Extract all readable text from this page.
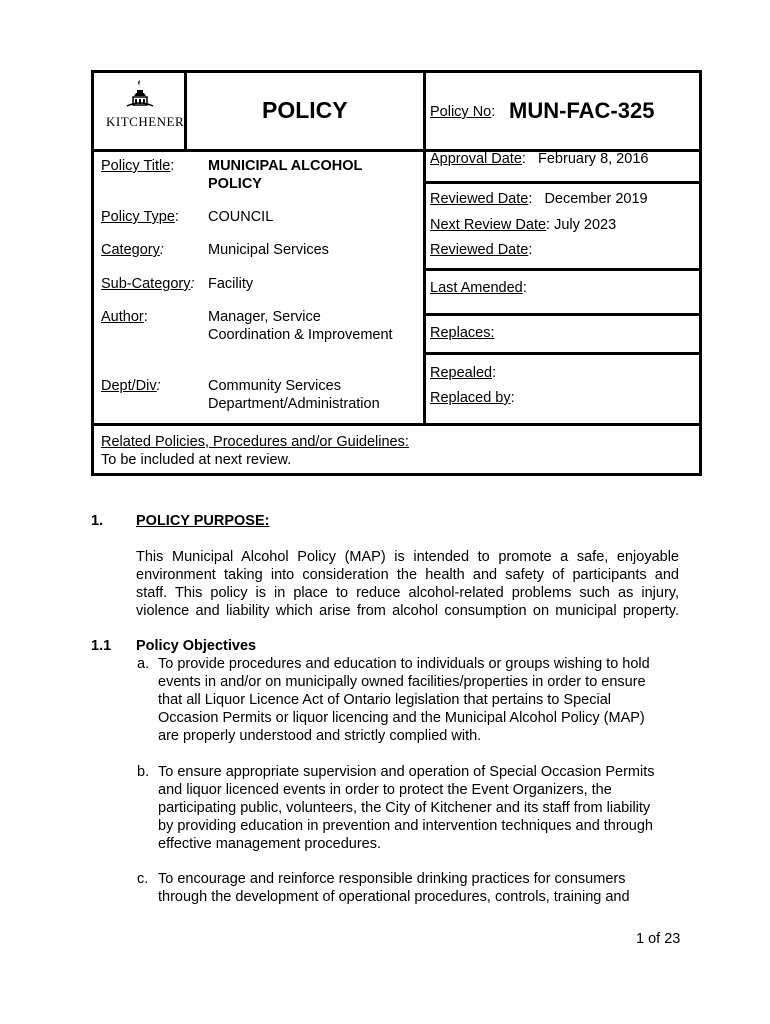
KITCHENER	POLICY	Policy No: MUN-FAC-325
Policy Title: MUNICIPAL ALCOHOL
POLICY
Policy Type: COUNCIL
Category:	Municipal Services
Sub-Category: Facility
Author:	Manager, Service
Coordination & Improvement
Dept/Div:	Community Services
Department/Administration
Approval Date:   February 8, 2016
Reviewed Date:   December 2019
Next Review Date: July 2023
Reviewed Date:
Last Amended:
Replaces:
Repealed:
Replaced by:
Related Policies, Procedures and/or Guidelines:
To be included at next review.
1. POLICY PURPOSE:
This Municipal Alcohol Policy (MAP) is intended to promote a safe, enjoyable
environment taking into consideration the health and safety of participants and
staff. This policy is in place to reduce alcohol-related problems such as injury,
violence and liability which arise from alcohol consumption on municipal property.
1.1 Policy Objectives
a. To provide procedures and education to individuals or groups wishing to hold
events in and/or on municipally owned facilities/properties in order to ensure
that all Liquor Licence Act of Ontario legislation that pertains to Special
Occasion Permits or liquor licencing and the Municipal Alcohol Policy (MAP)
are properly understood and strictly complied with.
b. To ensure appropriate supervision and operation of Special Occasion Permits
and liquor licenced events in order to protect the Event Organizers, the
participating public, volunteers, the City of Kitchener and its staff from liability
by providing education in prevention and intervention techniques and through
effective management procedures.
c. To encourage and reinforce responsible drinking practices for consumers
through the development of operational procedures, controls, training and
1 of 23
